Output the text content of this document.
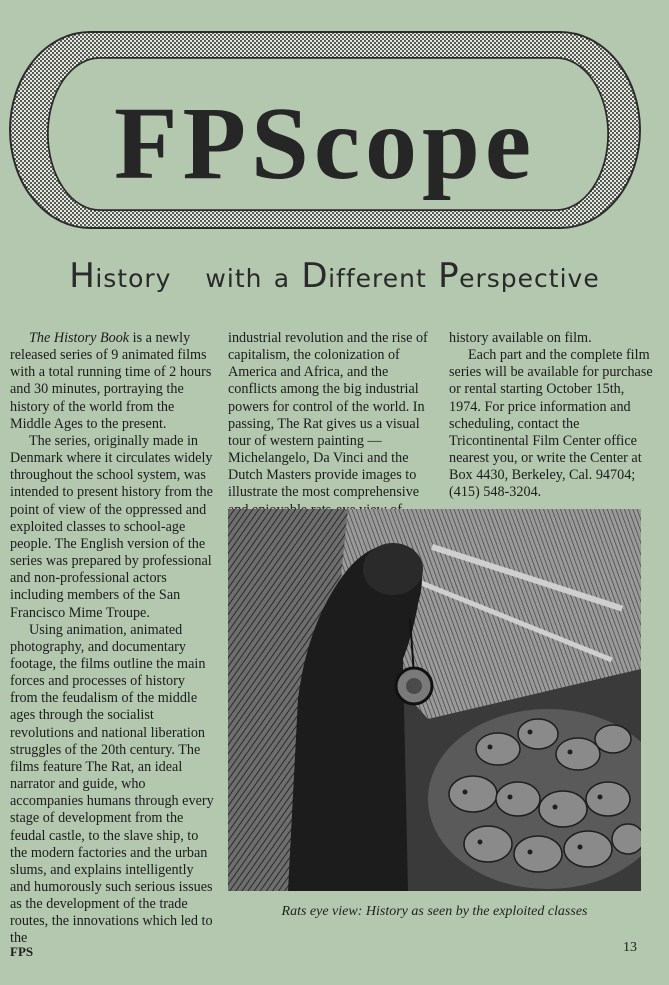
FPScope
History with a Different Perspective

The History Book is a newly released series of 9 animated films with a total running time of 2 hours and 30 minutes, portraying the history of the world from the Middle Ages to the present.

The series, originally made in Denmark where it circulates widely throughout the school system, was intended to present history from the point of view of the oppressed and exploited classes to school-age people. The English version of the series was prepared by professional and non-professional actors including members of the San Francisco Mime Troupe.

Using animation, animated photography, and documentary footage, the films outline the main forces and processes of history from the feudalism of the middle ages through the socialist revolutions and national liberation struggles of the 20th century. The films feature The Rat, an ideal narrator and guide, who accompanies humans through every stage of development from the feudal castle, to the slave ship, to the modern factories and the urban slums, and explains intelligently and humorously such serious issues as the development of the trade routes, the innovations which led to the

industrial revolution and the rise of capitalism, the colonization of America and Africa, and the conflicts among the big industrial powers for control of the world. In passing, The Rat gives us a visual tour of western painting — Michelangelo, Da Vinci and the Dutch Masters provide images to illustrate the most comprehensive

history available on film.

Each part and the complete film series will be available for purchase or rental starting October 15th, 1974. For price information and scheduling, contact the Tricontinental Film Center office nearest you, or write the Center at Box 4430, Berkeley, Cal. 94704; (415) 548-3204.

Rats eye view: History as seen by the exploited classes
FPS	13
